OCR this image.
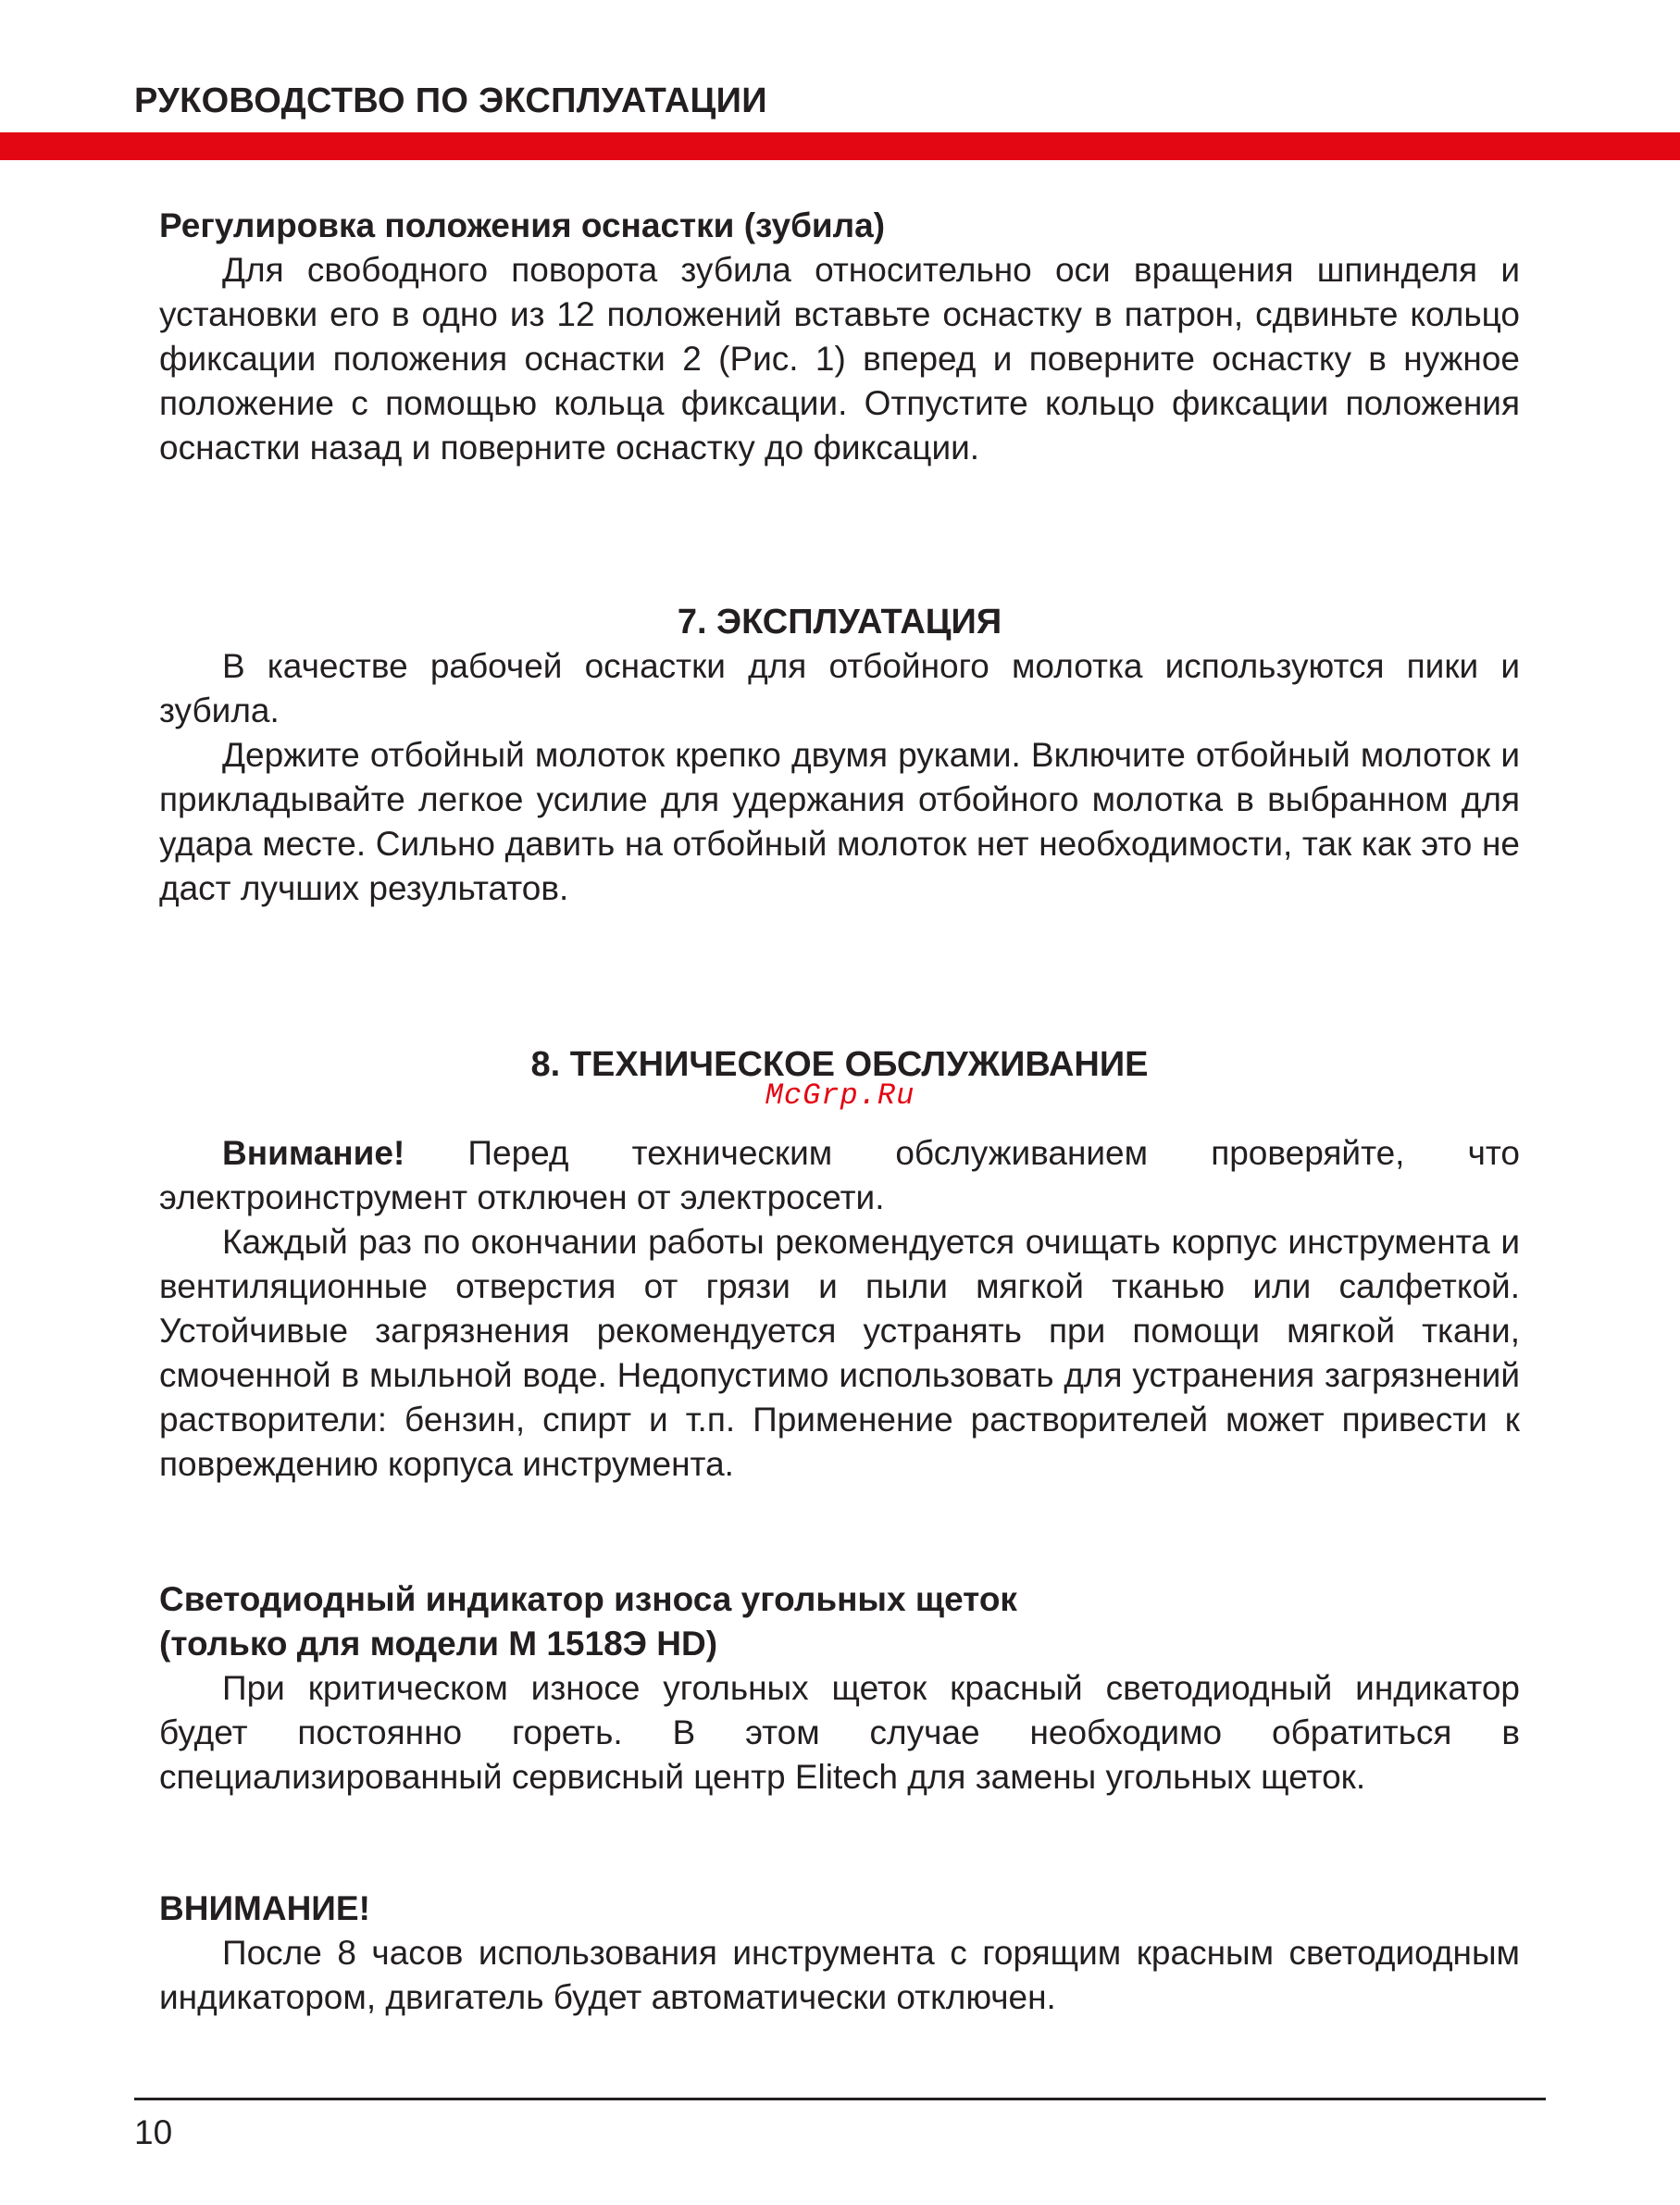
РУКОВОДСТВО ПО ЭКСПЛУАТАЦИИ

Регулировка положения оснастки (зубила)

Для свободного поворота зубила относительно оси вращения шпинделя и установки его в одно из 12 положений вставьте оснастку в патрон, сдвиньте кольцо фиксации положения оснастки 2 (Рис. 1) вперед и поверните оснастку в нужное положение с помощью кольца фиксации. Отпустите кольцо фиксации положения оснастки назад и поверните оснастку до фиксации.

7. ЭКСПЛУАТАЦИЯ

В качестве рабочей оснастки для отбойного молотка используются пики и зубила.

Держите отбойный молоток крепко двумя руками. Включите отбойный молоток и прикладывайте легкое усилие для удержания отбойного молотка в выбранном для удара месте. Сильно давить на отбойный молоток нет необходимости, так как это не даст лучших результатов.

8. ТЕХНИЧЕСКОЕ ОБСЛУЖИВАНИЕ

Внимание! Перед техническим обслуживанием проверяйте, что электроинструмент отключен от электросети.

Каждый раз по окончании работы рекомендуется очищать корпус инструмента и вентиляционные отверстия от грязи и пыли мягкой тканью или салфеткой. Устойчивые загрязнения рекомендуется устранять при помощи мягкой ткани, смоченной в мыльной воде. Недопустимо использовать для устранения загрязнений растворители: бензин, спирт и т.п. Применение растворителей может привести к повреждению корпуса инструмента.

McGrp.Ru

Светодиодный индикатор износа угольных щеток

(только для модели М 1518Э HD)

При критическом износе угольных щеток красный светодиодный индикатор будет постоянно гореть. В этом случае необходимо обратиться в специализированный сервисный центр Elitech для замены угольных щеток.

ВНИМАНИЕ!

После 8 часов использования инструмента с горящим красным светодиодным индикатором, двигатель будет автоматически отключен.

10
